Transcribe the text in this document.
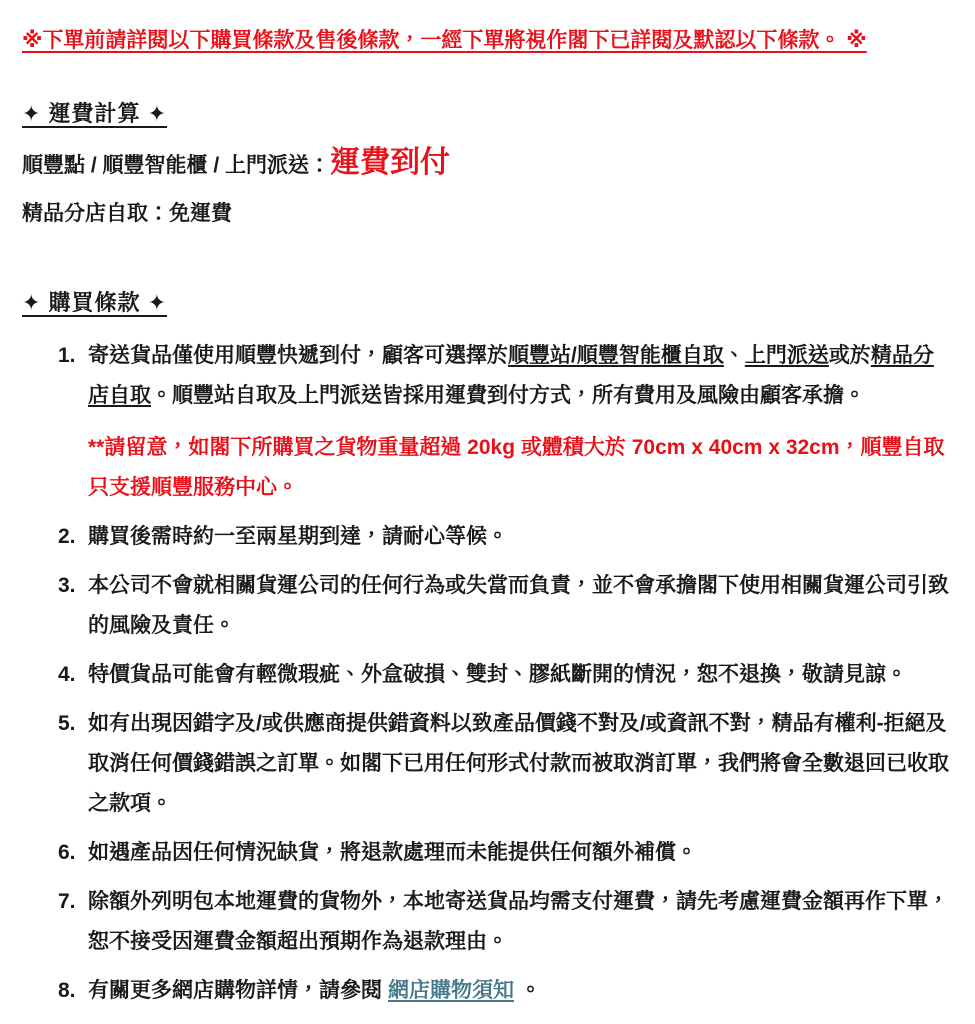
※下單前請詳閱以下購買條款及售後條款，一經下單將視作閣下已詳閱及默認以下條款。 ※

✦ 運費計算 ✦

順豐點 / 順豐智能櫃 / 上門派送：運費到付

精品分店自取：免運費

✦ 購買條款 ✦
1. 寄送貨品僅使用順豐快遞到付，顧客可選擇於順豐站/順豐智能櫃自取、上門派送或於精品分店自取。順豐站自取及上門派送皆採用運費到付方式，所有費用及風險由顧客承擔。

**請留意，如閣下所購買之貨物重量超過 20kg 或體積大於 70cm x 40cm x 32cm，順豐自取只支援順豐服務中心。

2. 購買後需時約一至兩星期到達，請耐心等候。

3. 本公司不會就相關貨運公司的任何行為或失當而負責，並不會承擔閣下使用相關貨運公司引致的風險及責任。

4. 特價貨品可能會有輕微瑕疵、外盒破損、雙封、膠紙斷開的情況，恕不退換，敬請見諒。

5. 如有出現因錯字及/或供應商提供錯資料以致產品價錢不對及/或資訊不對，精品有權利-拒絕及取消任何價錢錯誤之訂單。如閣下已用任何形式付款而被取消訂單，我們將會全數退回已收取之款項。

6. 如遇產品因任何情況缺貨，將退款處理而未能提供任何額外補償。

7. 除額外列明包本地運費的貨物外，本地寄送貨品均需支付運費，請先考慮運費金額再作下單，恕不接受因運費金額超出預期作為退款理由。

8. 有關更多網店購物詳情，請參閱 網店購物須知 。
